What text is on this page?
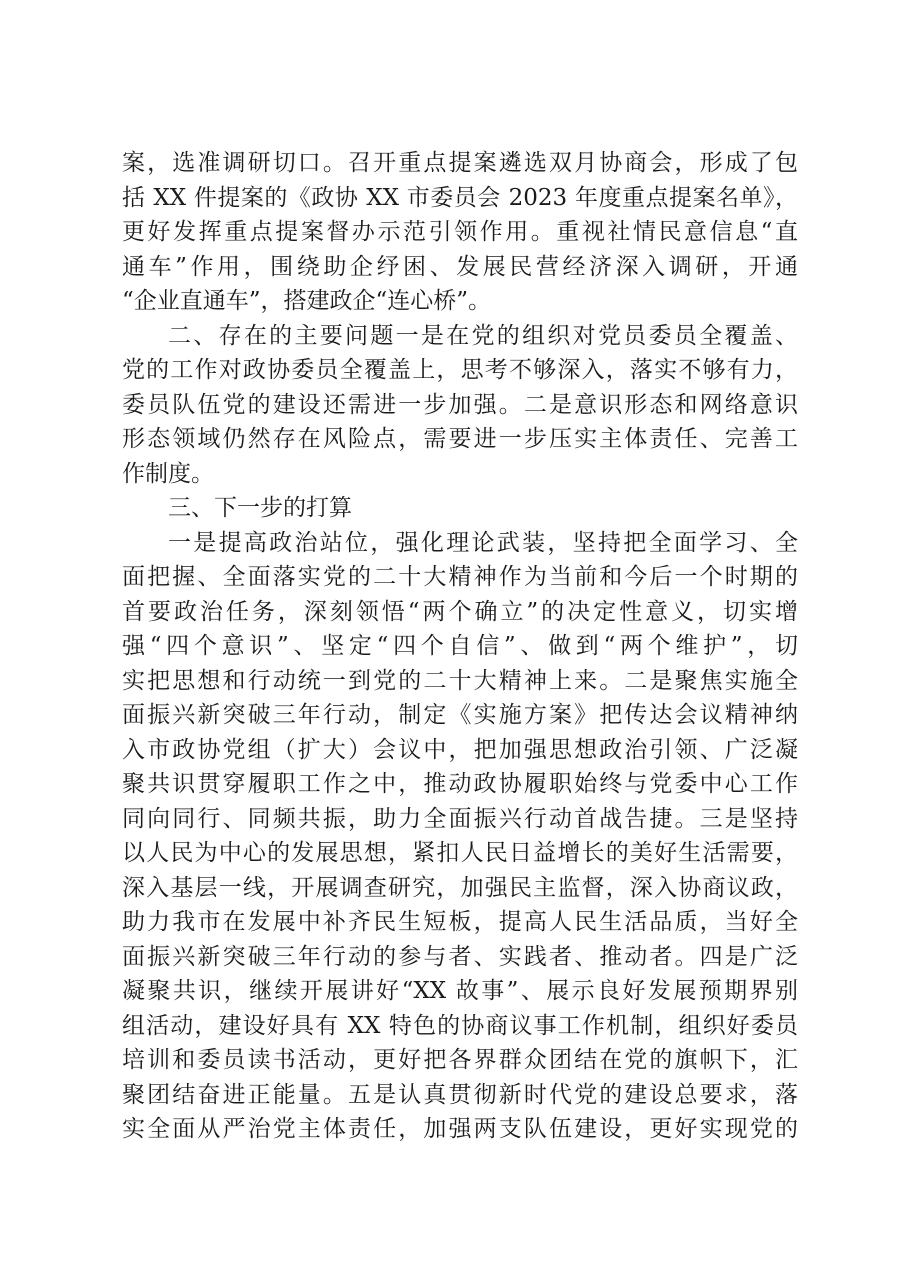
案，选准调研切口。召开重点提案遴选双月协商会，形成了包
括 XX 件提案的《政协 XX 市委员会 2023 年度重点提案名单》，
更好发挥重点提案督办示范引领作用。重视社情民意信息“直
通车”作用，围绕助企纾困、发展民营经济深入调研，开通
“企业直通车”，搭建政企“连心桥”。
二、存在的主要问题一是在党的组织对党员委员全覆盖、
党的工作对政协委员全覆盖上，思考不够深入，落实不够有力，
委员队伍党的建设还需进一步加强。二是意识形态和网络意识
形态领域仍然存在风险点，需要进一步压实主体责任、完善工
作制度。
三、下一步的打算
一是提高政治站位，强化理论武装，坚持把全面学习、全
面把握、全面落实党的二十大精神作为当前和今后一个时期的
首要政治任务，深刻领悟“两个确立”的决定性意义，切实增
强“四个意识”、坚定“四个自信”、做到“两个维护”，切
实把思想和行动统一到党的二十大精神上来。二是聚焦实施全
面振兴新突破三年行动，制定《实施方案》把传达会议精神纳
入市政协党组（扩大）会议中，把加强思想政治引领、广泛凝
聚共识贯穿履职工作之中，推动政协履职始终与党委中心工作
同向同行、同频共振，助力全面振兴行动首战告捷。三是坚持
以人民为中心的发展思想，紧扣人民日益增长的美好生活需要，
深入基层一线，开展调查研究，加强民主监督，深入协商议政，
助力我市在发展中补齐民生短板，提高人民生活品质，当好全
面振兴新突破三年行动的参与者、实践者、推动者。四是广泛
凝聚共识，继续开展讲好“XX 故事”、展示良好发展预期界别
组活动，建设好具有 XX 特色的协商议事工作机制，组织好委员
培训和委员读书活动，更好把各界群众团结在党的旗帜下，汇
聚团结奋进正能量。五是认真贯彻新时代党的建设总要求，落
实全面从严治党主体责任，加强两支队伍建设，更好实现党的
